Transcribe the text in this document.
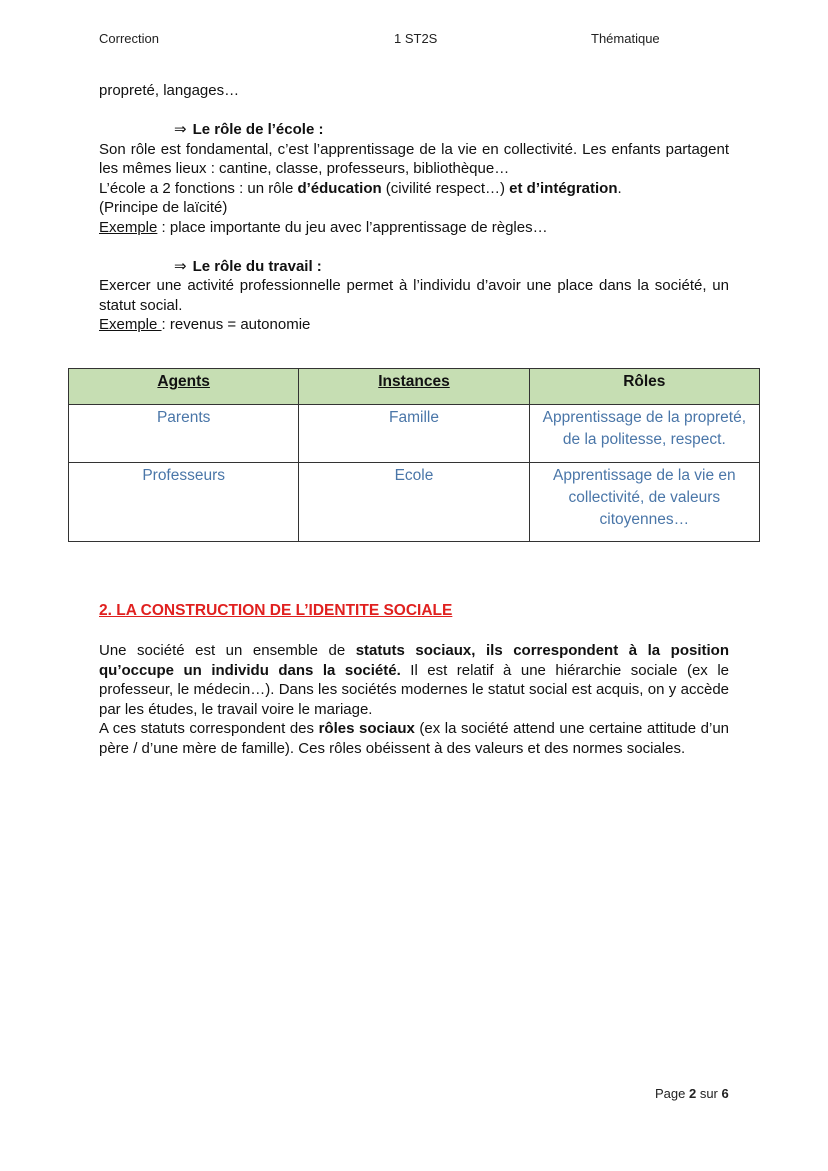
Correction	1 ST2S	Thématique

propreté, langages…

⇒ Le rôle de l’école :

Son rôle est fondamental, c’est l’apprentissage de la vie en collectivité. Les enfants partagent les mêmes lieux : cantine, classe, professeurs, bibliothèque…

L’école a 2 fonctions : un rôle d’éducation (civilité respect…) et d’intégration.

(Principe de laïcité)

Exemple : place importante du jeu avec l’apprentissage de règles…

⇒ Le rôle du travail :

Exercer une activité professionnelle permet à l’individu d’avoir une place dans la société, un statut social.

Exemple : revenus = autonomie

Agents	Instances	Rôles
Parents	Famille	Apprentissage de la propreté, de la politesse, respect.
Professeurs	Ecole	Apprentissage de la vie en collectivité, de valeurs citoyennes…
2. LA CONSTRUCTION DE L’IDENTITE SOCIALE

Une société est un ensemble de statuts sociaux, ils correspondent à la position qu’occupe un individu dans la société. Il est relatif à une hiérarchie sociale (ex le professeur, le médecin…). Dans les sociétés modernes le statut social est acquis, on y accède par les études, le travail voire le mariage.

A ces statuts correspondent des rôles sociaux (ex la société attend une certaine attitude d’un père / d’une mère de famille). Ces rôles obéissent à des valeurs et des normes sociales.

Page 2 sur 6
